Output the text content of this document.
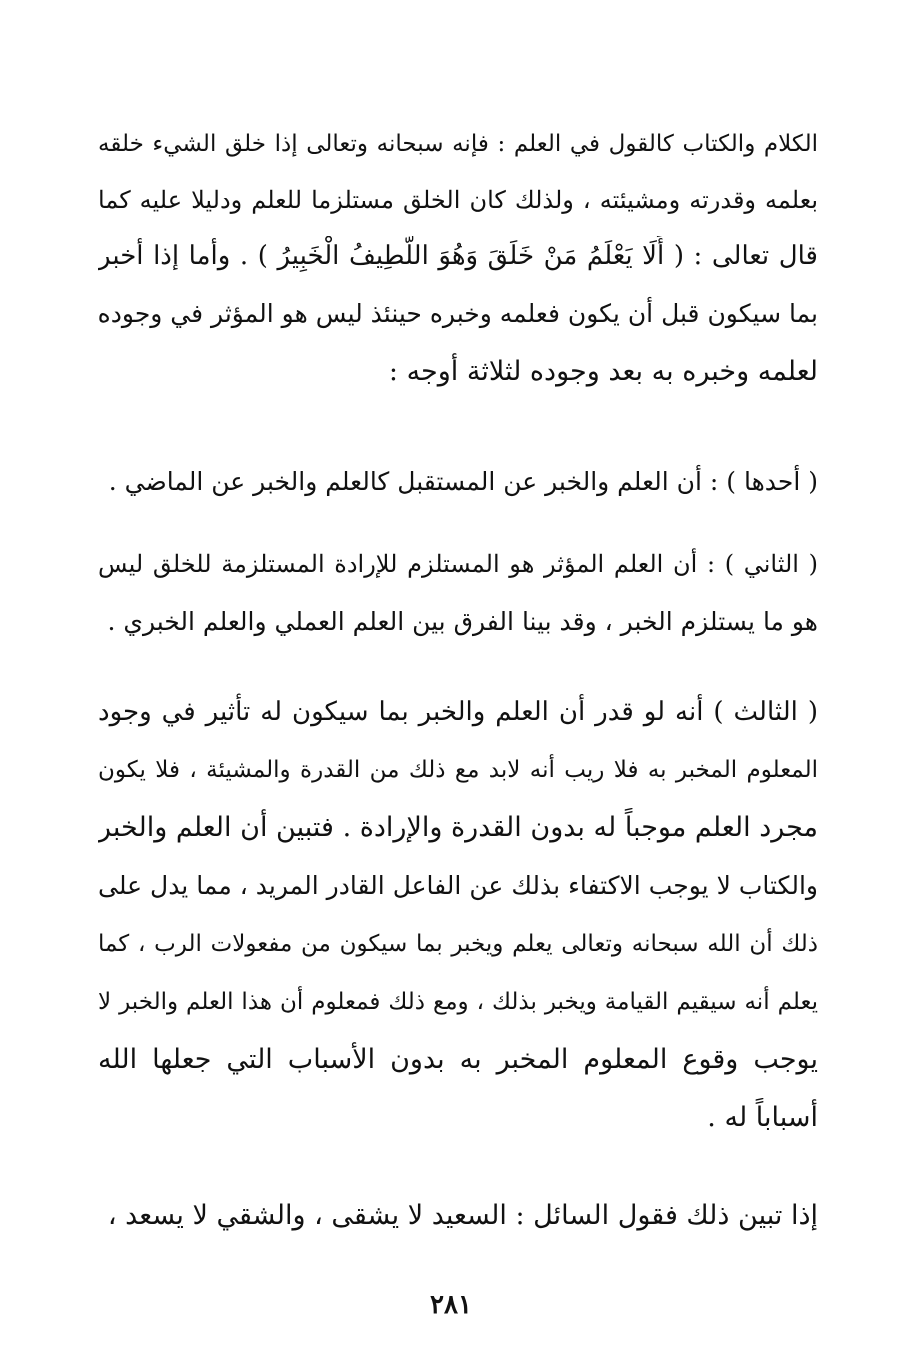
الكلام والكتاب كالقول في العلم : فإنه سبحانه وتعالى إذا خلق الشيء خلقه
بعلمه وقدرته ومشيئته ، ولذلك كان الخلق مستلزما للعلم ودليلا عليه كما
قال تعالى : ( أَلَا يَعْلَمُ مَنْ خَلَقَ وَهُوَ اللَّطِيفُ الْخَبِيرُ ) . وأما إذا أخبر
بما سيكون قبل أن يكون فعلمه وخبره حينئذ ليس هو المؤثر في وجوده
لعلمه وخبره به بعد وجوده لثلاثة أوجه :
( أحدها ) : أن العلم والخبر عن المستقبل كالعلم والخبر عن الماضي .
( الثاني ) : أن العلم المؤثر هو المستلزم للإرادة المستلزمة للخلق ليس
هو ما يستلزم الخبر ، وقد بينا الفرق بين العلم العملي والعلم الخبري .
( الثالث ) أنه لو قدر أن العلم والخبر بما سيكون له تأثير في وجود
المعلوم المخبر به فلا ريب أنه لابد مع ذلك من القدرة والمشيئة ، فلا يكون
مجرد العلم موجباً له بدون القدرة والإرادة . فتبين أن العلم والخبر
والكتاب لا يوجب الاكتفاء بذلك عن الفاعل القادر المريد ، مما يدل على
ذلك أن الله سبحانه وتعالى يعلم ويخبر بما سيكون من مفعولات الرب ، كما
يعلم أنه سيقيم القيامة ويخبر بذلك ، ومع ذلك فمعلوم أن هذا العلم والخبر لا
يوجب وقوع المعلوم المخبر به بدون الأسباب التي جعلها الله
أسباباً له .
إذا تبين ذلك فقول السائل : السعيد لا يشقى ، والشقي لا يسعد ،
٢٨١
